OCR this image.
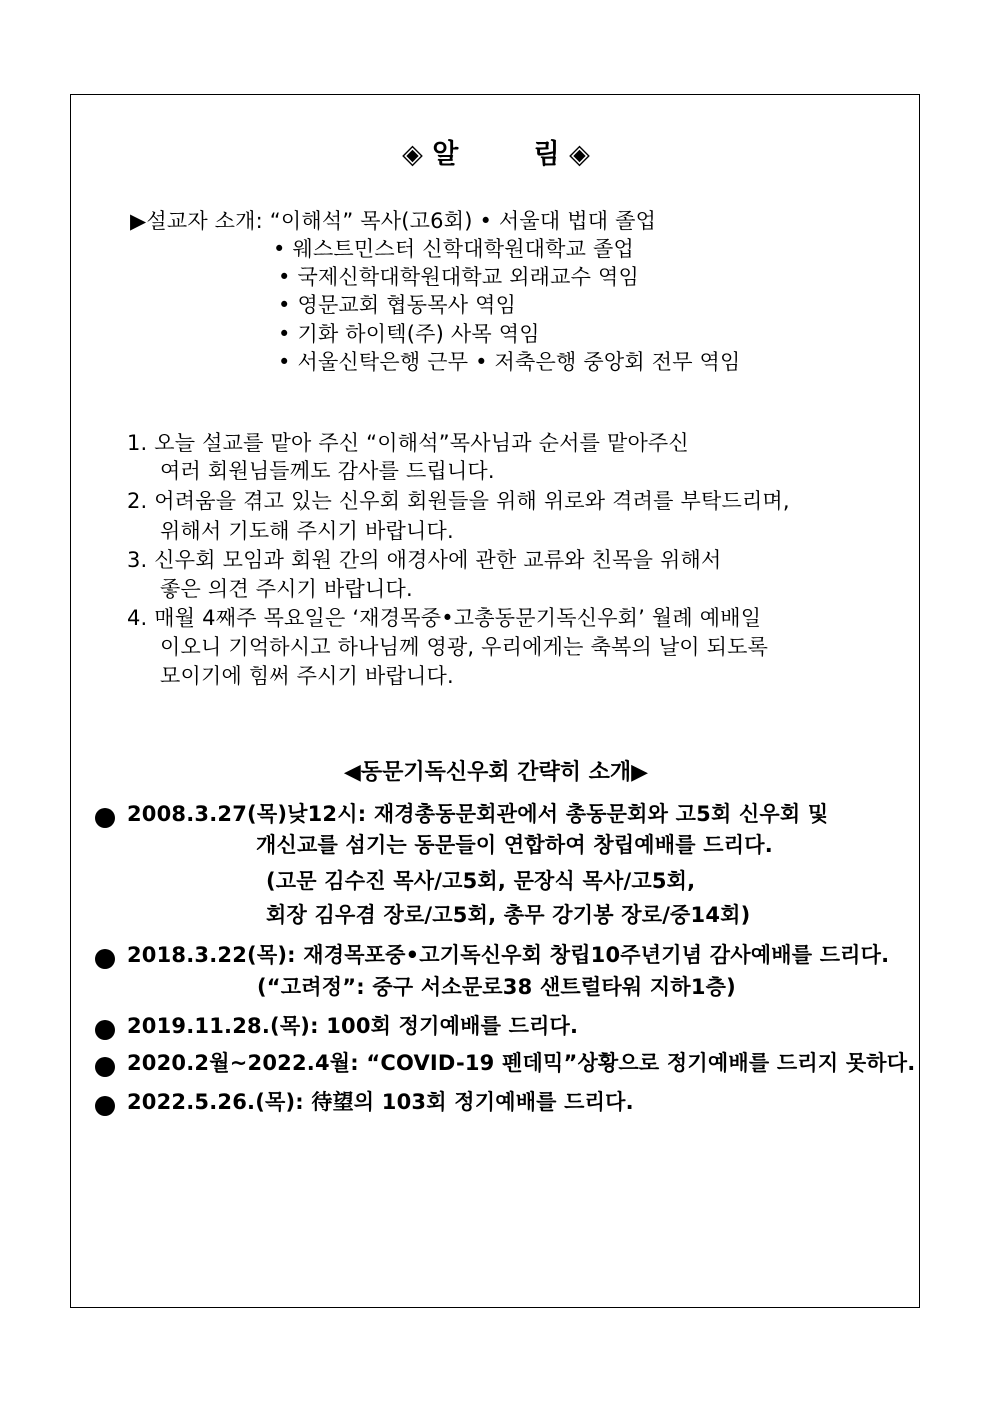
◈ 알        림 ◈
▶설교자 소개: “이해석” 목사(고6회) • 서울대 법대 졸업
• 웨스트민스터 신학대학원대학교 졸업
• 국제신학대학원대학교 외래교수 역임
• 영문교회 협동목사 역임
• 기화 하이텍(주) 사목 역임
• 서울신탁은행 근무 • 저축은행 중앙회 전무 역임
1. 오늘 설교를 맡아 주신 “이해석”목사님과 순서를 맡아주신
여러 회원님들께도 감사를 드립니다.
2. 어려움을 겪고 있는 신우회 회원들을 위해 위로와 격려를 부탁드리며,
위해서 기도해 주시기 바랍니다.
3. 신우회 모임과 회원 간의 애경사에 관한 교류와 친목을 위해서
좋은 의견 주시기 바랍니다.
4. 매월 4째주 목요일은 ‘재경목중•고총동문기독신우회’ 월례 예배일
이오니 기억하시고 하나님께 영광, 우리에게는 축복의 날이 되도록
모이기에 힘써 주시기 바랍니다.
◀동문기독신우회 간략히 소개▶
2008.3.27(목)낮12시: 재경총동문회관에서 총동문회와 고5회 신우회 및
개신교를 섬기는 동문들이 연합하여 창립예배를 드리다.
(고문 김수진 목사/고5회, 문장식 목사/고5회,
회장 김우겸 장로/고5회, 총무 강기봉 장로/중14회)
2018.3.22(목): 재경목포중•고기독신우회 창립10주년기념 감사예배를 드리다.
(“고려정”: 중구 서소문로38 샌트럴타워 지하1층)
2019.11.28.(목): 100회 정기예배를 드리다.
2020.2월~2022.4월: “COVID-19 펜데믹”상황으로 정기예배를 드리지 못하다.
2022.5.26.(목): 待望의 103회 정기예배를 드리다.
